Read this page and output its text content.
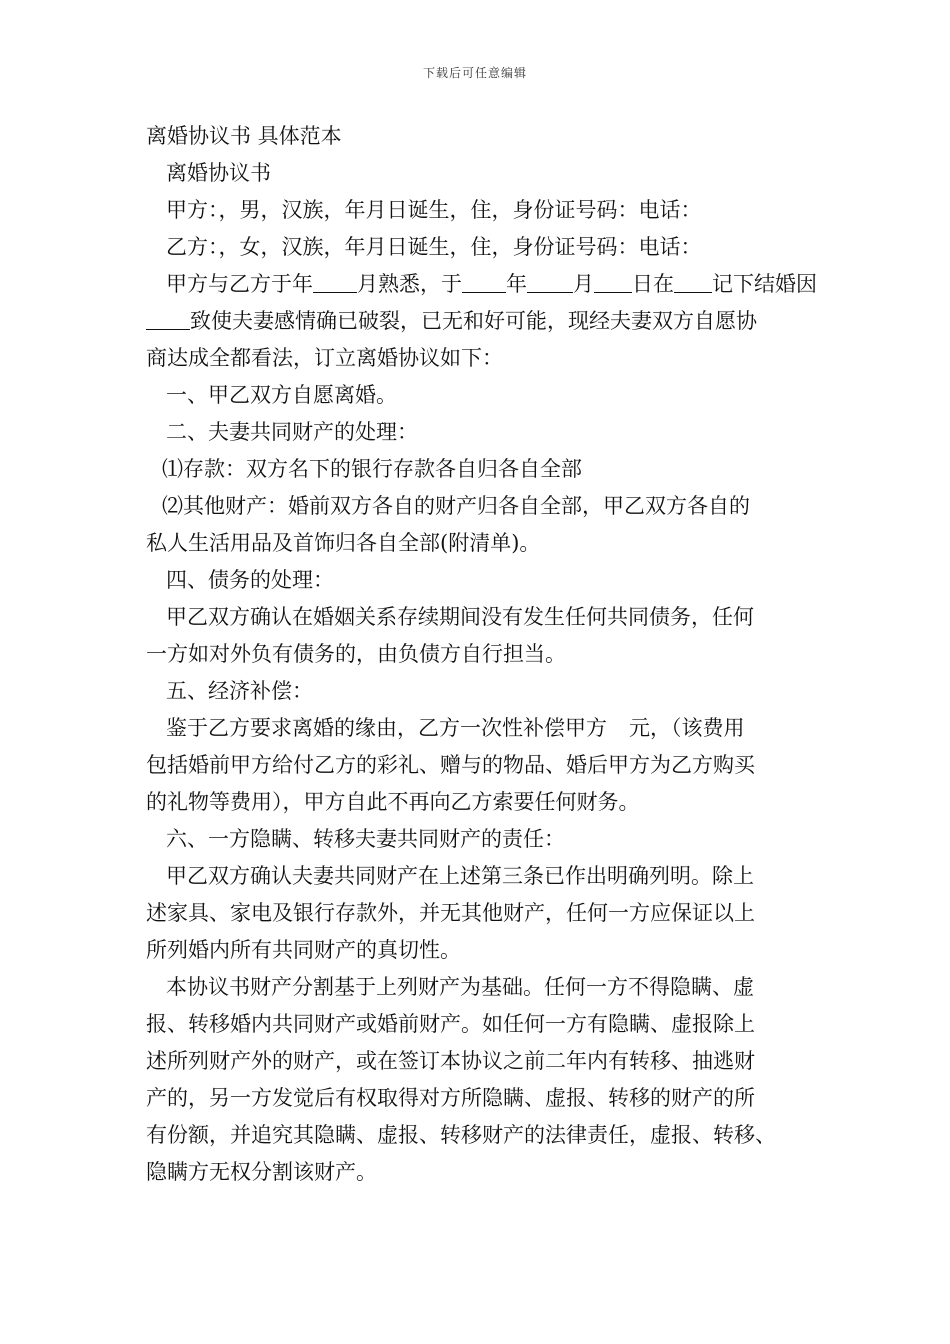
下载后可任意编辑
离婚协议书 具体范本
离婚协议书
甲方：，男，汉族，年月日诞生，住，身份证号码：电话：
乙方：，女，汉族，年月日诞生，住，身份证号码：电话：
甲方与乙方于年 月熟悉，于 年 月 日在 记下结婚因
致使夫妻感情确已破裂，已无和好可能，现经夫妻双方自愿协
商达成全都看法，订立离婚协议如下：
一、甲乙双方自愿离婚。
二、夫妻共同财产的处理：
⑴存款：双方名下的银行存款各自归各自全部
⑵其他财产：婚前双方各自的财产归各自全部，甲乙双方各自的
私人生活用品及首饰归各自全部(附清单)。
四、债务的处理：
甲乙双方确认在婚姻关系存续期间没有发生任何共同债务，任何
一方如对外负有债务的，由负债方自行担当。
五、经济补偿：
鉴于乙方要求离婚的缘由，乙方一次性补偿甲方 元，（该费用
包括婚前甲方给付乙方的彩礼、赠与的物品、婚后甲方为乙方购买
的礼物等费用），甲方自此不再向乙方索要任何财务。
六、一方隐瞒、转移夫妻共同财产的责任：
甲乙双方确认夫妻共同财产在上述第三条已作出明确列明。除上
述家具、家电及银行存款外，并无其他财产，任何一方应保证以上
所列婚内所有共同财产的真切性。
本协议书财产分割基于上列财产为基础。任何一方不得隐瞒、虚
报、转移婚内共同财产或婚前财产。如任何一方有隐瞒、虚报除上
述所列财产外的财产，或在签订本协议之前二年内有转移、抽逃财
产的，另一方发觉后有权取得对方所隐瞒、虚报、转移的财产的所
有份额，并追究其隐瞒、虚报、转移财产的法律责任，虚报、转移、
隐瞒方无权分割该财产。
